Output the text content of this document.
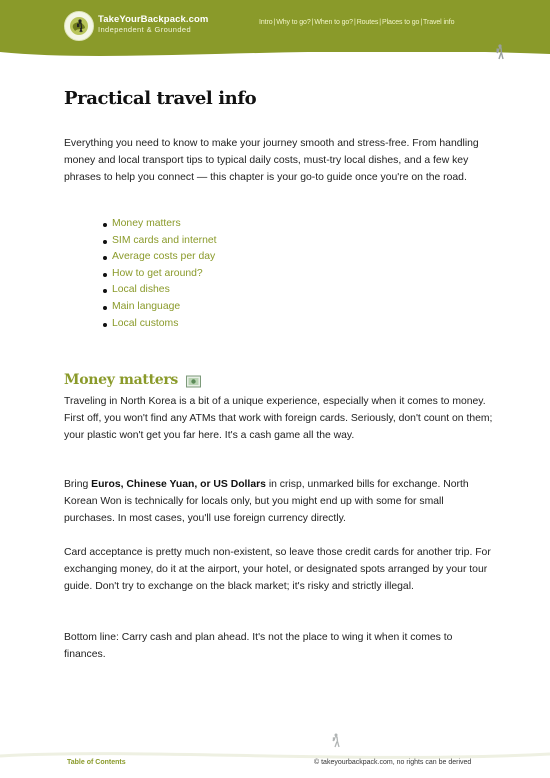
TakeYourBackpack.com
Independent & Grounded
Intro|Why to go?|When to go?|Routes|Places to go|Travel info
Practical travel info

Everything you need to know to make your journey smooth and stress-free. From handling money and local transport tips to typical daily costs, must-try local dishes, and a few key phrases to help you connect — this chapter is your go-to guide once you're on the road.

Money matters
SIM cards and internet
Average costs per day
How to get around?
Local dishes
Main language
Local customs
Money matters

Traveling in North Korea is a bit of a unique experience, especially when it comes to money. First off, you won't find any ATMs that work with foreign cards. Seriously, don't count on them; your plastic won't get you far here. It's a cash game all the way.

Bring Euros, Chinese Yuan, or US Dollars in crisp, unmarked bills for exchange. North Korean Won is technically for locals only, but you might end up with some for small purchases. In most cases, you'll use foreign currency directly.

Card acceptance is pretty much non-existent, so leave those credit cards for another trip. For exchanging money, do it at the airport, your hotel, or designated spots arranged by your tour guide. Don't try to exchange on the black market; it's risky and strictly illegal.

Bottom line: Carry cash and plan ahead. It's not the place to wing it when it comes to finances.

Table of Contents	© takeyourbackpack.com, no rights can be derived
